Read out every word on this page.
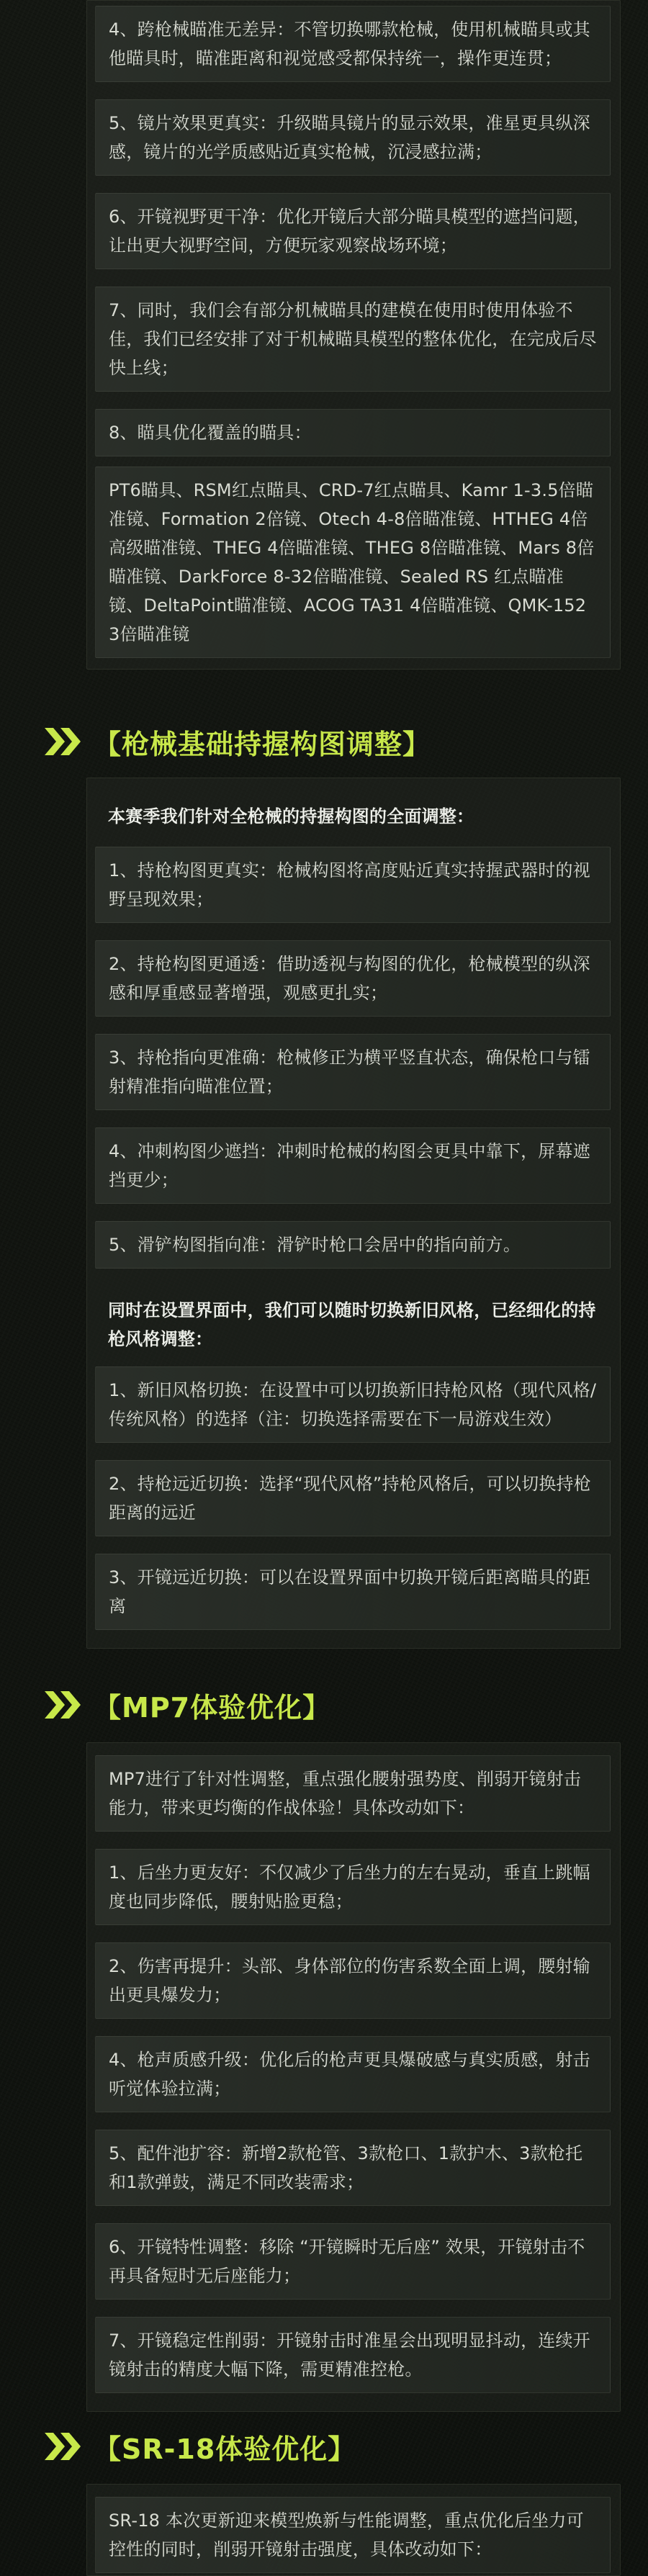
4、跨枪械瞄准无差异：不管切换哪款枪械，使用机械瞄具或其他瞄具时，瞄准距离和视觉感受都保持统一，操作更连贯；
5、镜片效果更真实：升级瞄具镜片的显示效果，准星更具纵深感，镜片的光学质感贴近真实枪械，沉浸感拉满；
6、开镜视野更干净：优化开镜后大部分瞄具模型的遮挡问题，让出更大视野空间，方便玩家观察战场环境；
7、同时，我们会有部分机械瞄具的建模在使用时使用体验不佳，我们已经安排了对于机械瞄具模型的整体优化，在完成后尽快上线；
8、瞄具优化覆盖的瞄具：
PT6瞄具、RSM红点瞄具、CRD-7红点瞄具、Kamr 1-3.5倍瞄准镜、Formation 2倍镜、Otech 4-8倍瞄准镜、HTHEG 4倍高级瞄准镜、THEG 4倍瞄准镜、THEG 8倍瞄准镜、Mars 8倍瞄准镜、DarkForce 8-32倍瞄准镜、Sealed RS 红点瞄准镜、DeltaPoint瞄准镜、ACOG TA31 4倍瞄准镜、QMK-152 3倍瞄准镜
【枪械基础持握构图调整】
本赛季我们针对全枪械的持握构图的全面调整：
1、持枪构图更真实：枪械构图将高度贴近真实持握武器时的视野呈现效果；
2、持枪构图更通透：借助透视与构图的优化，枪械模型的纵深感和厚重感显著增强，观感更扎实；
3、持枪指向更准确：枪械修正为横平竖直状态，确保枪口与镭射精准指向瞄准位置；
4、冲刺构图少遮挡：冲刺时枪械的构图会更具中靠下，屏幕遮挡更少；
5、滑铲构图指向准：滑铲时枪口会居中的指向前方。
同时在设置界面中，我们可以随时切换新旧风格，已经细化的持枪风格调整：
1、新旧风格切换：在设置中可以切换新旧持枪风格（现代风格/传统风格）的选择（注：切换选择需要在下一局游戏生效）
2、持枪远近切换：选择“现代风格”持枪风格后，可以切换持枪距离的远近
3、开镜远近切换：可以在设置界面中切换开镜后距离瞄具的距离
【MP7体验优化】
MP7进行了针对性调整，重点强化腰射强势度、削弱开镜射击能力，带来更均衡的作战体验！具体改动如下：
1、后坐力更友好：不仅减少了后坐力的左右晃动，垂直上跳幅度也同步降低，腰射贴脸更稳；
2、伤害再提升：头部、身体部位的伤害系数全面上调，腰射输出更具爆发力；
4、枪声质感升级：优化后的枪声更具爆破感与真实质感，射击听觉体验拉满；
5、配件池扩容：新增2款枪管、3款枪口、1款护木、3款枪托和1款弹鼓，满足不同改装需求；
6、开镜特性调整：移除 “开镜瞬时无后座” 效果，开镜射击不再具备短时无后座能力；
7、开镜稳定性削弱：开镜射击时准星会出现明显抖动，连续开镜射击的精度大幅下降，需更精准控枪。
【SR-18体验优化】
SR-18 本次更新迎来模型焕新与性能调整，重点优化后坐力可控性的同时，削弱开镜射击强度，具体改动如下：
